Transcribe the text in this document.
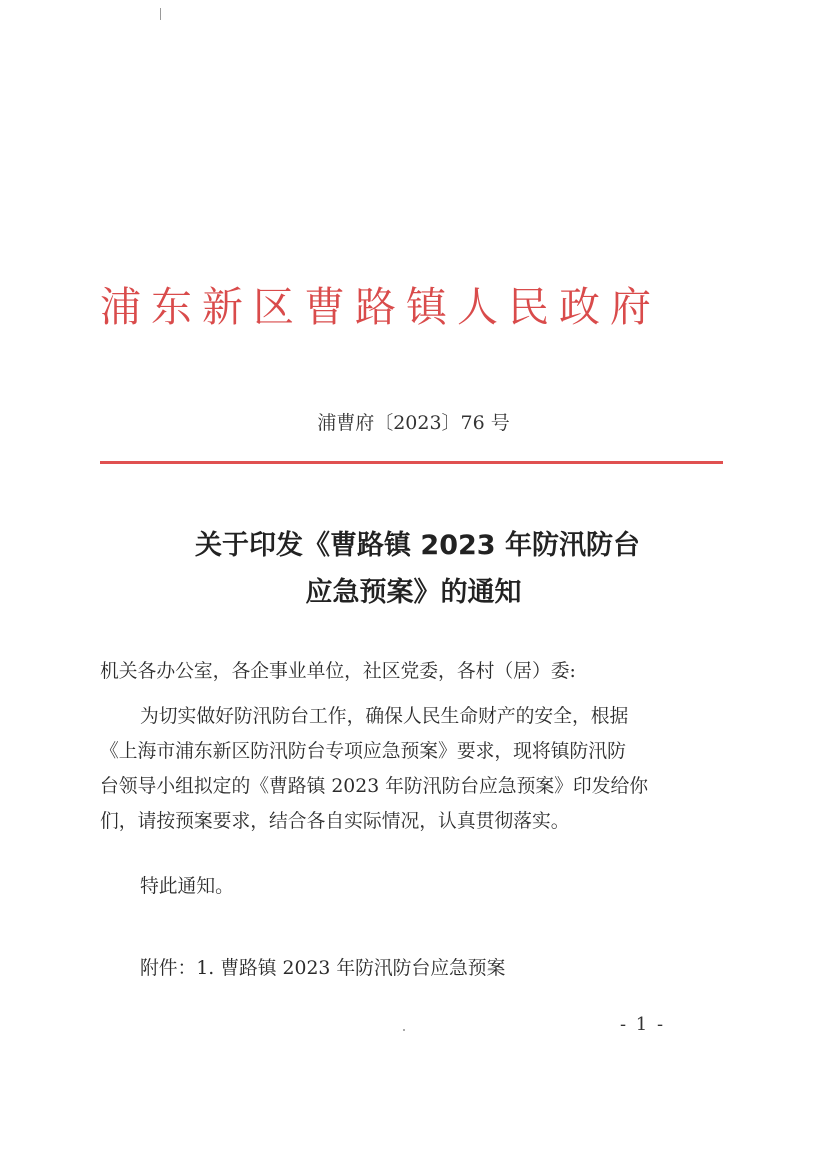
浦东新区曹路镇人民政府
浦曹府〔2023〕76 号
关于印发《曹路镇 2023 年防汛防台
应急预案》的通知
机关各办公室，各企事业单位，社区党委，各村（居）委:
为切实做好防汛防台工作，确保人民生命财产的安全，根据
《上海市浦东新区防汛防台专项应急预案》要求，现将镇防汛防
台领导小组拟定的《曹路镇 2023 年防汛防台应急预案》印发给你
们，请按预案要求，结合各自实际情况，认真贯彻落实。
特此通知。
附件：1. 曹路镇 2023 年防汛防台应急预案
- 1 -
